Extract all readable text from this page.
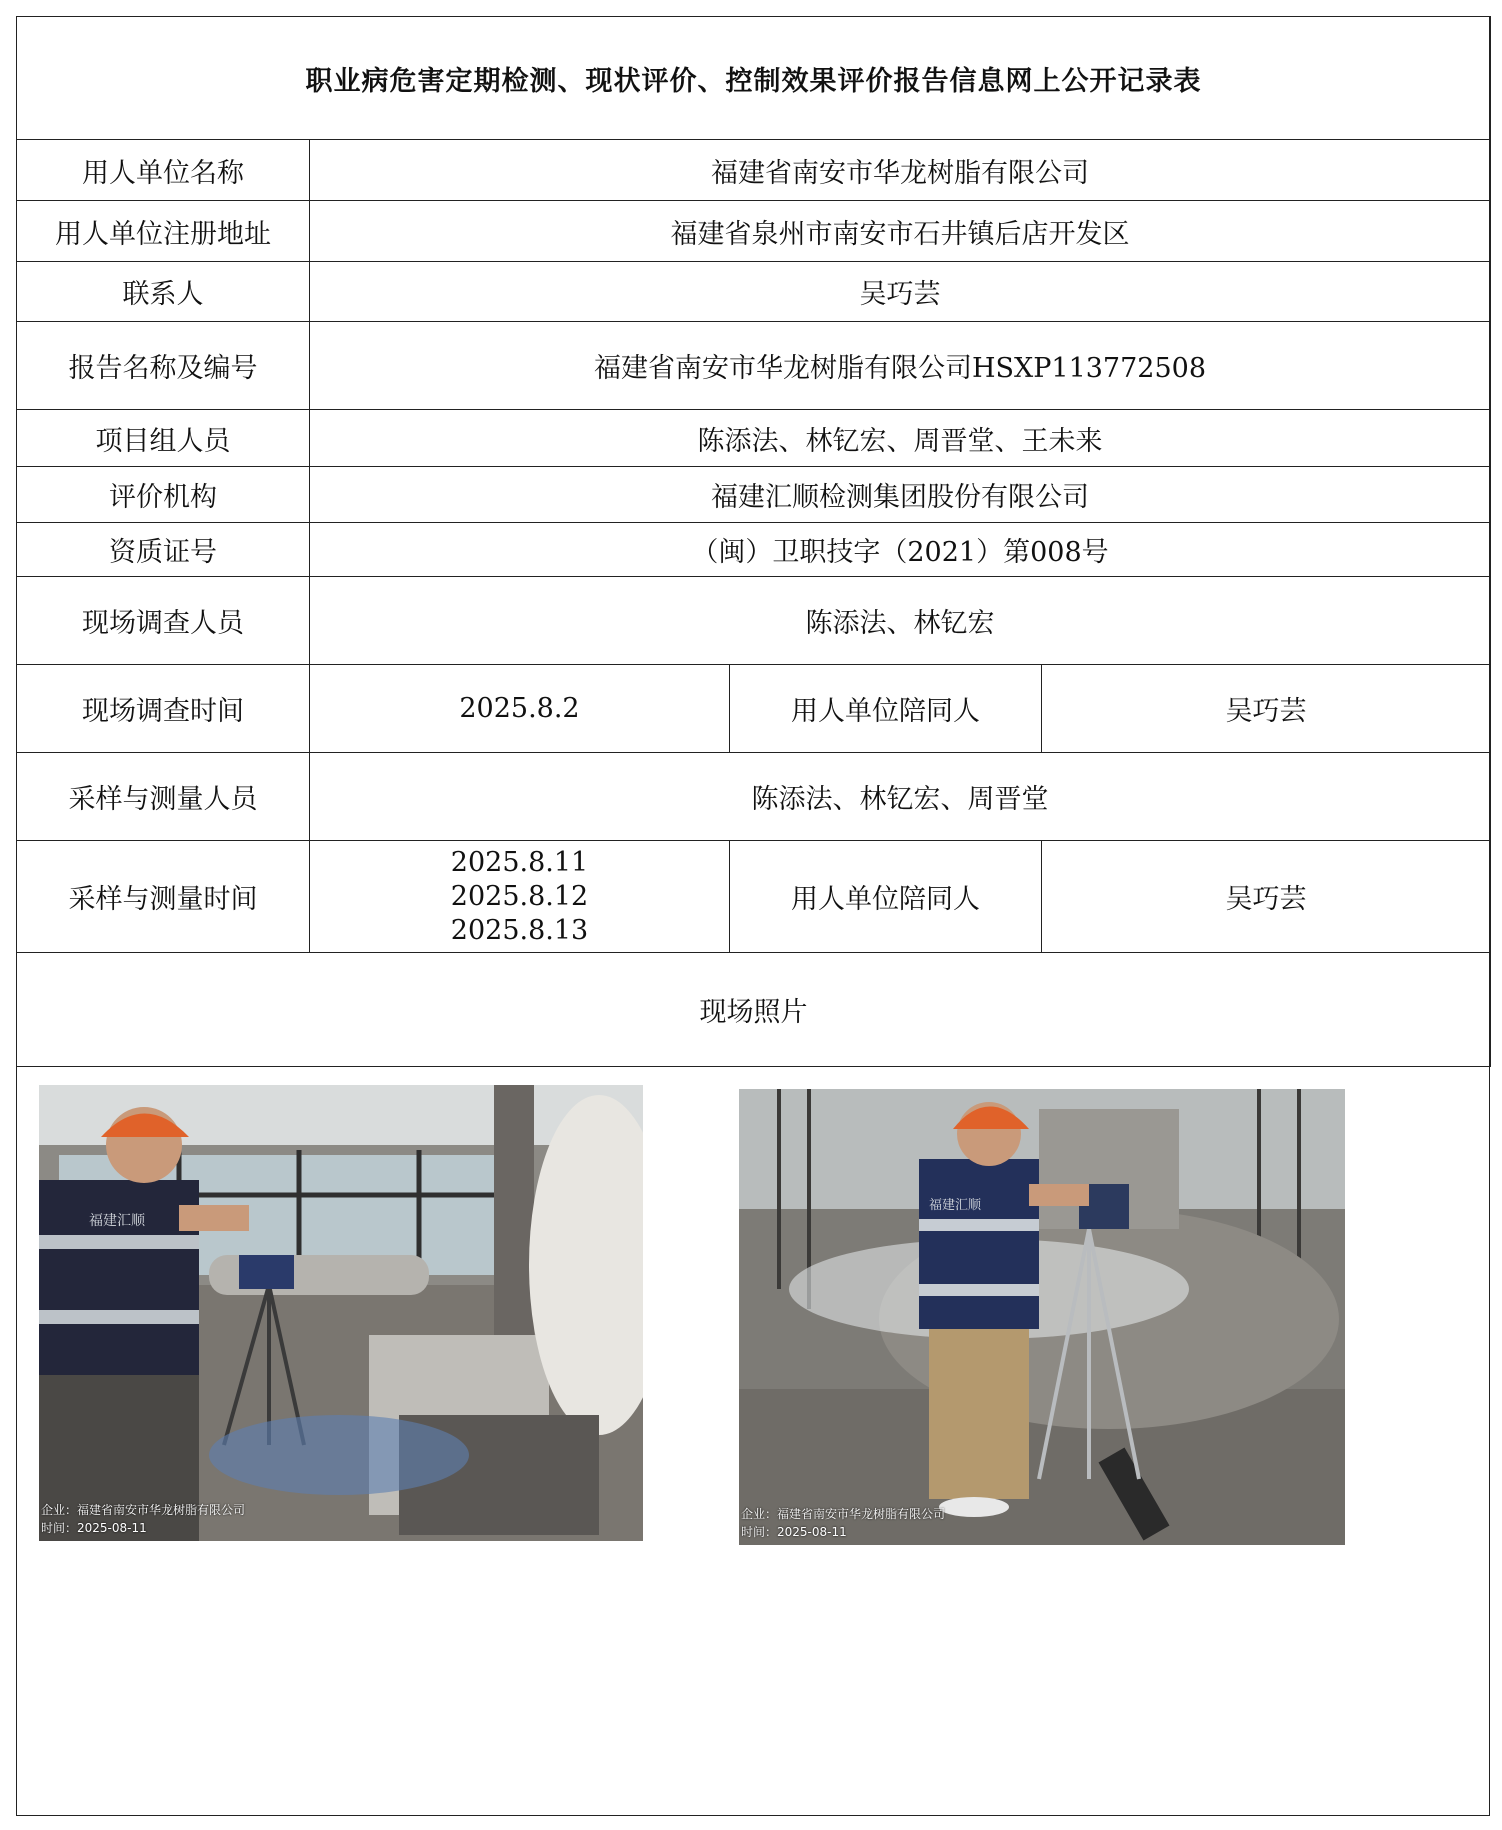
职业病危害定期检测、现状评价、控制效果评价报告信息网上公开记录表			
用人单位名称	福建省南安市华龙树脂有限公司		
用人单位注册地址	福建省泉州市南安市石井镇后店开发区		
联系人	吴巧芸		
报告名称及编号	福建省南安市华龙树脂有限公司HSXP113772508		
项目组人员	陈添法、林钇宏、周晋堂、王未来		
评价机构	福建汇顺检测集团股份有限公司		
资质证号	（闽）卫职技字（2021）第008号		
现场调查人员	陈添法、林钇宏		
现场调查时间	2025.8.2	用人单位陪同人	吴巧芸
采样与测量人员	陈添法、林钇宏、周晋堂		
采样与测量时间	2025.8.11
2025.8.12
2025.8.13	用人单位陪同人	吴巧芸
现场照片			
福建汇顺
企业：福建省南安市华龙树脂有限公司
时间：2025-08-11
福建汇顺
企业：福建省南安市华龙树脂有限公司
时间：2025-08-11
